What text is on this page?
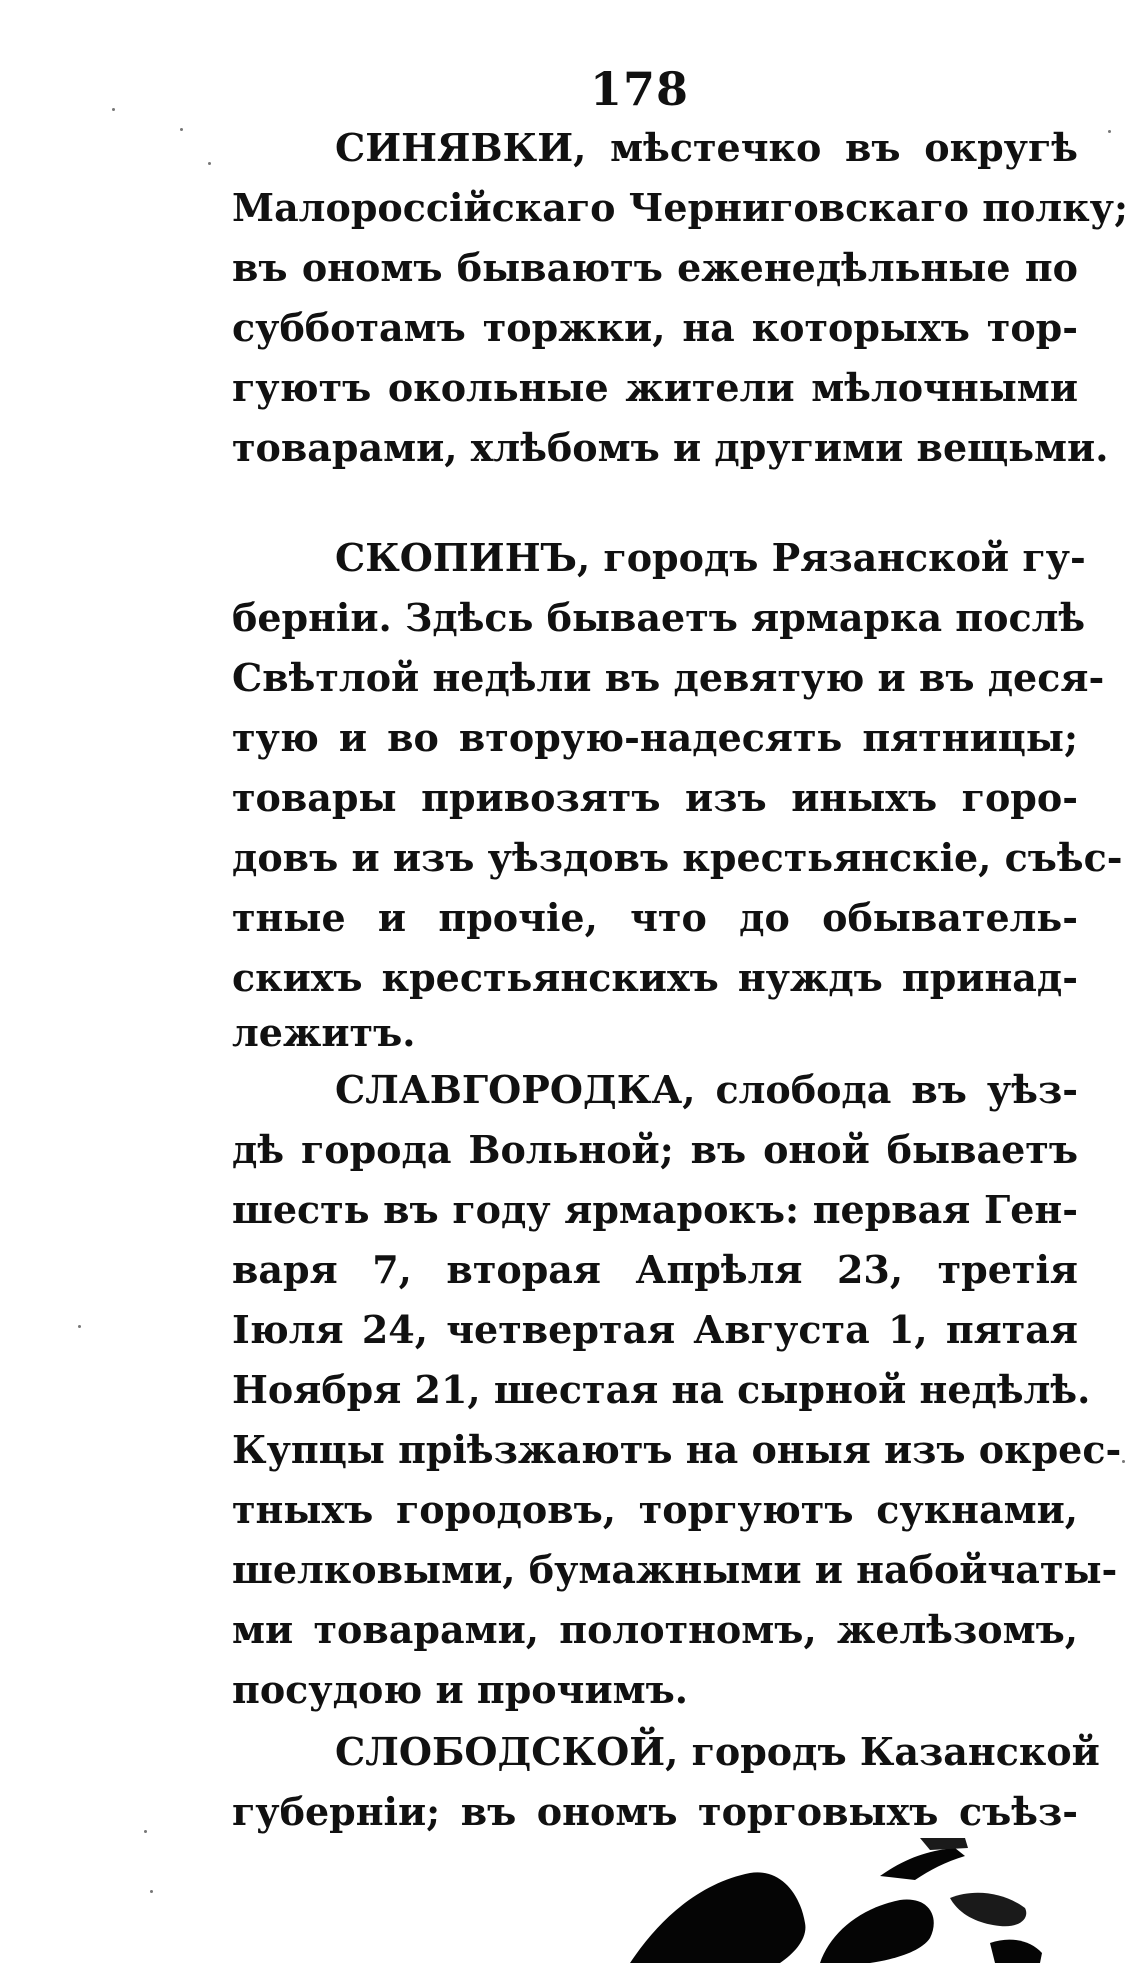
178
СИНЯВКИ, мѣстечко въ округѣ
Малороссійскаго Черниговскаго полку;
въ ономъ бываютъ еженедѣльные по
субботамъ торжки, на которыхъ тор-
гуютъ окольные жители мѣлочными
товарами, хлѣбомъ и другими вещьми.
СКОПИНЪ, городъ Рязанской гу-
берніи. Здѣсь бываетъ ярмарка послѣ
Свѣтлой недѣли въ девятую и въ деся-
тую и во вторую-надесять пятницы;
товары привозятъ изъ иныхъ горо-
довъ и изъ уѣздовъ крестьянскіе, съѣс-
тные и прочіе, что до обыватель-
скихъ крестьянскихъ нуждъ принад-
лежитъ.
СЛАВГОРОДКА, слобода въ уѣз-
дѣ города Вольной; въ оной бываетъ
шесть въ году ярмарокъ: первая Ген-
варя 7, вторая Апрѣля 23, третія
Іюля 24, четвертая Августа 1, пятая
Ноября 21, шестая на сырной недѣлѣ.
Купцы пріѣзжаютъ на оныя изъ окрес-
тныхъ городовъ, торгуютъ сукнами,
шелковыми, бумажными и набойчаты-
ми товарами, полотномъ, желѣзомъ,
посудою и прочимъ.
СЛОБОДСКОЙ, городъ Казанской
губерніи; въ ономъ торговыхъ съѣз-
